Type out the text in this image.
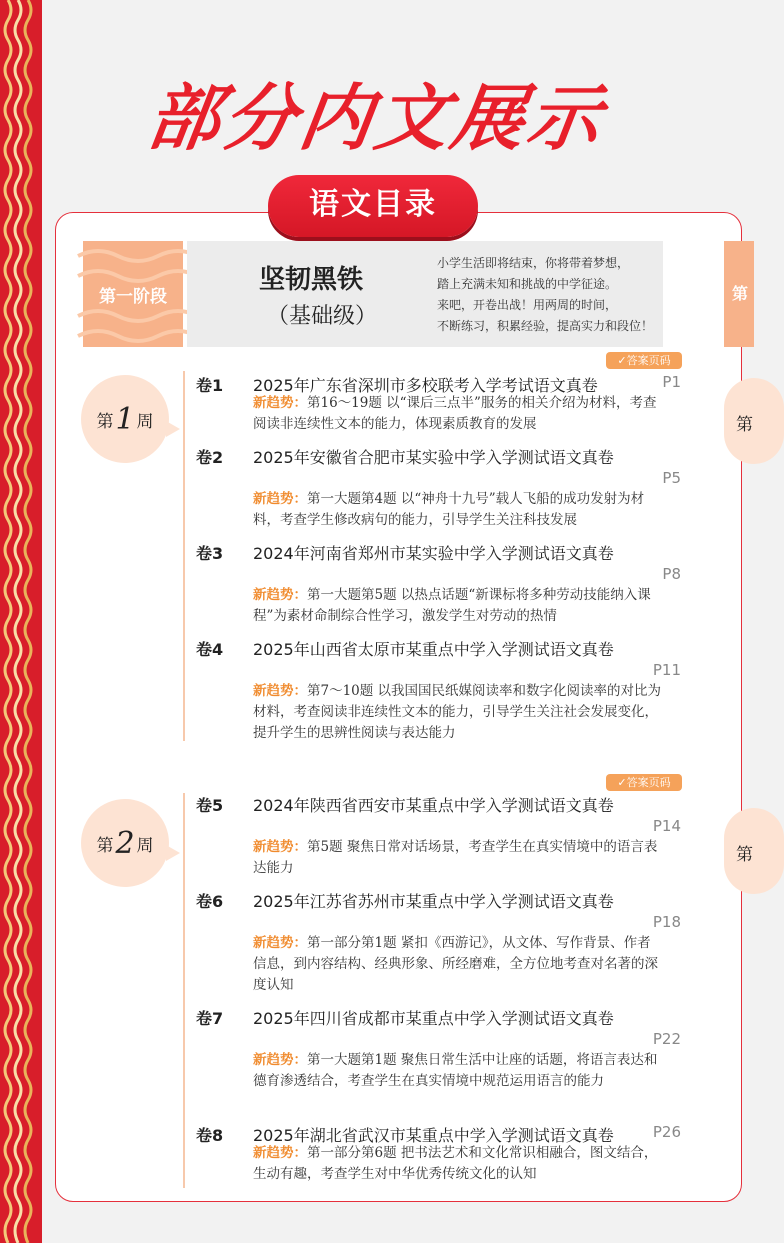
部分内文展示
语文目录
第一阶段
坚韧黑铁
（基础级）
小学生活即将结束，你将带着梦想，
踏上充满未知和挑战的中学征途。
来吧，开卷出战！用两周的时间，
不断练习，积累经验，提高实力和段位！
第
第
第
✓答案页码
第 1 周
卷1 2025年广东省深圳市多校联考入学考试语文真卷	P1
新趋势：第16～19题 以“课后三点半”服务的相关介绍为材料，考查阅读非连续性文本的能力，体现素质教育的发展
卷2 2025年安徽省合肥市某实验中学入学测试语文真卷
P5
新趋势：第一大题第4题 以“神舟十九号”载人飞船的成功发射为材料，考查学生修改病句的能力，引导学生关注科技发展
卷3 2024年河南省郑州市某实验中学入学测试语文真卷
P8
新趋势：第一大题第5题 以热点话题“新课标将多种劳动技能纳入课程”为素材命制综合性学习，激发学生对劳动的热情
卷4 2025年山西省太原市某重点中学入学测试语文真卷
P11
新趋势：第7～10题 以我国国民纸媒阅读率和数字化阅读率的对比为材料，考查阅读非连续性文本的能力，引导学生关注社会发展变化，提升学生的思辨性阅读与表达能力
✓答案页码
第 2 周
卷5 2024年陕西省西安市某重点中学入学测试语文真卷
P14
新趋势：第5题 聚焦日常对话场景，考查学生在真实情境中的语言表达能力
卷6 2025年江苏省苏州市某重点中学入学测试语文真卷
P18
新趋势：第一部分第1题 紧扣《西游记》，从文体、写作背景、作者信息，到内容结构、经典形象、所经磨难，全方位地考查对名著的深度认知
卷7 2025年四川省成都市某重点中学入学测试语文真卷
P22
新趋势：第一大题第1题 聚焦日常生活中让座的话题，将语言表达和德育渗透结合，考查学生在真实情境中规范运用语言的能力
卷8 2025年湖北省武汉市某重点中学入学测试语文真卷	P26
新趋势：第一部分第6题 把书法艺术和文化常识相融合，图文结合，生动有趣，考查学生对中华优秀传统文化的认知
